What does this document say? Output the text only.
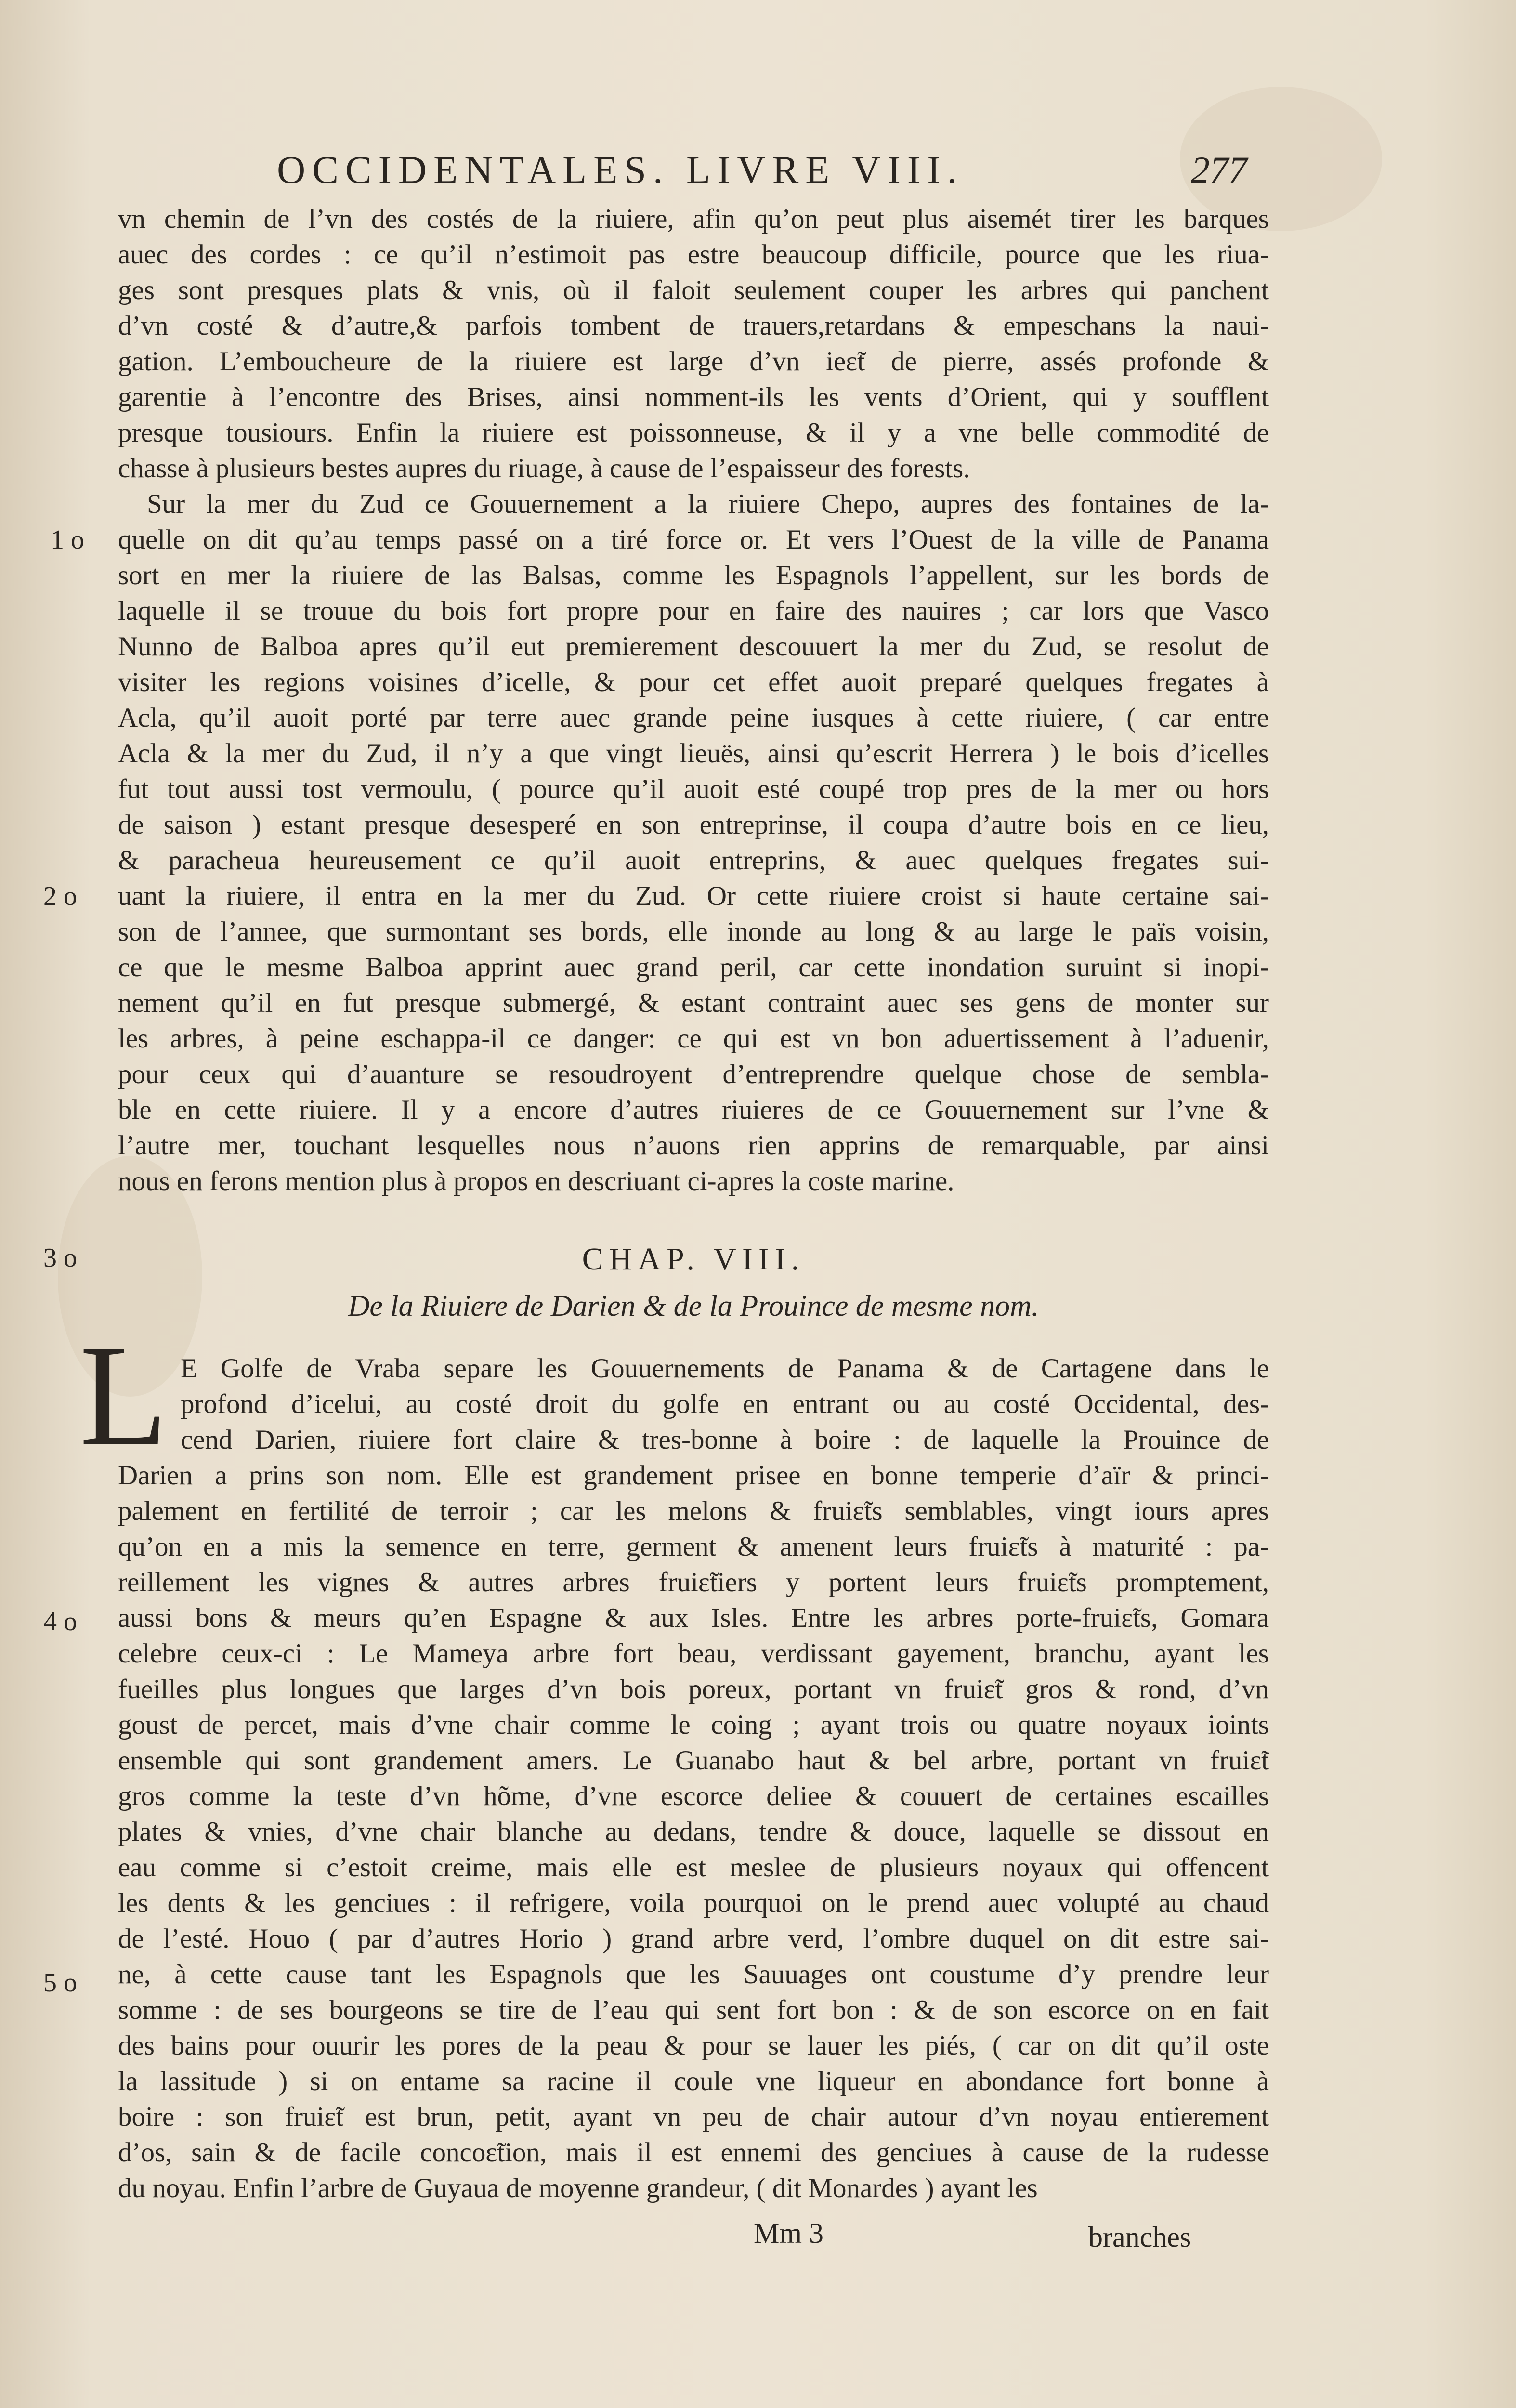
OCCIDENTALES. LIVRE VIII.	277
vn chemin de l’vn des costés de la riuiere, afin qu’on peut plus aisemét tirer les barques
auec des cordes : ce qu’il n’estimoit pas estre beaucoup difficile, pource que les riua-
ges sont presques plats & vnis, où il faloit seulement couper les arbres qui panchent
d’vn costé & d’autre,& parfois tombent de trauers,retardans & empeschans la naui-
gation. L’emboucheure de la riuiere est large d’vn ieɛ̃t de pierre, assés profonde &
garentie à l’encontre des Brises, ainsi nomment-ils les vents d’Orient, qui y soufflent
presque tousiours. Enfin la riuiere est poissonneuse, & il y a vne belle commodité de
chasse à plusieurs bestes aupres du riuage, à cause de l’espaisseur des forests.
Sur la mer du Zud ce Gouuernement a la riuiere Chepo, aupres des fontaines de la-
quelle on dit qu’au temps passé on a tiré force or. Et vers l’Ouest de la ville de Panama
sort en mer la riuiere de las Balsas, comme les Espagnols l’appellent, sur les bords de
laquelle il se trouue du bois fort propre pour en faire des nauires ; car lors que Vasco
Nunno de Balboa apres qu’il eut premierement descouuert la mer du Zud, se resolut de
visiter les regions voisines d’icelle, & pour cet effet auoit preparé quelques fregates à
Acla, qu’il auoit porté par terre auec grande peine iusques à cette riuiere, ( car entre
Acla & la mer du Zud, il n’y a que vingt lieuës, ainsi qu’escrit Herrera ) le bois d’icelles
fut tout aussi tost vermoulu, ( pource qu’il auoit esté coupé trop pres de la mer ou hors
de saison ) estant presque desesperé en son entreprinse, il coupa d’autre bois en ce lieu,
& paracheua heureusement ce qu’il auoit entreprins, & auec quelques fregates sui-
uant la riuiere, il entra en la mer du Zud. Or cette riuiere croist si haute certaine sai-
son de l’annee, que surmontant ses bords, elle inonde au long & au large le païs voisin,
ce que le mesme Balboa apprint auec grand peril, car cette inondation suruint si inopi-
nement qu’il en fut presque submergé, & estant contraint auec ses gens de monter sur
les arbres, à peine eschappa-il ce danger: ce qui est vn bon aduertissement à l’aduenir,
pour ceux qui d’auanture se resoudroyent d’entreprendre quelque chose de sembla-
ble en cette riuiere. Il y a encore d’autres riuieres de ce Gouuernement sur l’vne &
l’autre mer, touchant lesquelles nous n’auons rien apprins de remarquable, par ainsi
nous en ferons mention plus à propos en descriuant ci-apres la coste marine.
1 o
2 o
3 o
4 o
5 o
CHAP. VIII.
De la Riuiere de Darien & de la Prouince de mesme nom.
L E Golfe de Vraba separe les Gouuernements de Panama & de Cartagene dans le
profond d’icelui, au costé droit du golfe en entrant ou au costé Occidental, des-
cend Darien, riuiere fort claire & tres-bonne à boire : de laquelle la Prouince de
Darien a prins son nom. Elle est grandement prisee en bonne temperie d’aïr & princi-
palement en fertilité de terroir ; car les melons & fruiɛ̃ts semblables, vingt iours apres
qu’on en a mis la semence en terre, germent & amenent leurs fruiɛ̃ts à maturité : pa-
reillement les vignes & autres arbres fruiɛ̃tiers y portent leurs fruiɛ̃ts promptement,
aussi bons & meurs qu’en Espagne & aux Isles. Entre les arbres porte-fruiɛ̃ts, Gomara
celebre ceux-ci : Le Mameya arbre fort beau, verdissant gayement, branchu, ayant les
fueilles plus longues que larges d’vn bois poreux, portant vn fruiɛ̃t gros & rond, d’vn
goust de percet, mais d’vne chair comme le coing ; ayant trois ou quatre noyaux ioints
ensemble qui sont grandement amers. Le Guanabo haut & bel arbre, portant vn fruiɛ̃t
gros comme la teste d’vn hõme, d’vne escorce deliee & couuert de certaines escailles
plates & vnies, d’vne chair blanche au dedans, tendre & douce, laquelle se dissout en
eau comme si c’estoit creime, mais elle est meslee de plusieurs noyaux qui offencent
les dents & les genciues : il refrigere, voila pourquoi on le prend auec volupté au chaud
de l’esté. Houo ( par d’autres Horio ) grand arbre verd, l’ombre duquel on dit estre sai-
ne, à cette cause tant les Espagnols que les Sauuages ont coustume d’y prendre leur
somme : de ses bourgeons se tire de l’eau qui sent fort bon : & de son escorce on en fait
des bains pour ouurir les pores de la peau & pour se lauer les piés, ( car on dit qu’il oste
la lassitude ) si on entame sa racine il coule vne liqueur en abondance fort bonne à
boire : son fruiɛ̃t est brun, petit, ayant vn peu de chair autour d’vn noyau entierement
d’os, sain & de facile concoɛ̃tion, mais il est ennemi des genciues à cause de la rudesse
du noyau. Enfin l’arbre de Guyaua de moyenne grandeur, ( dit Monardes ) ayant les
Mm 3	branches
